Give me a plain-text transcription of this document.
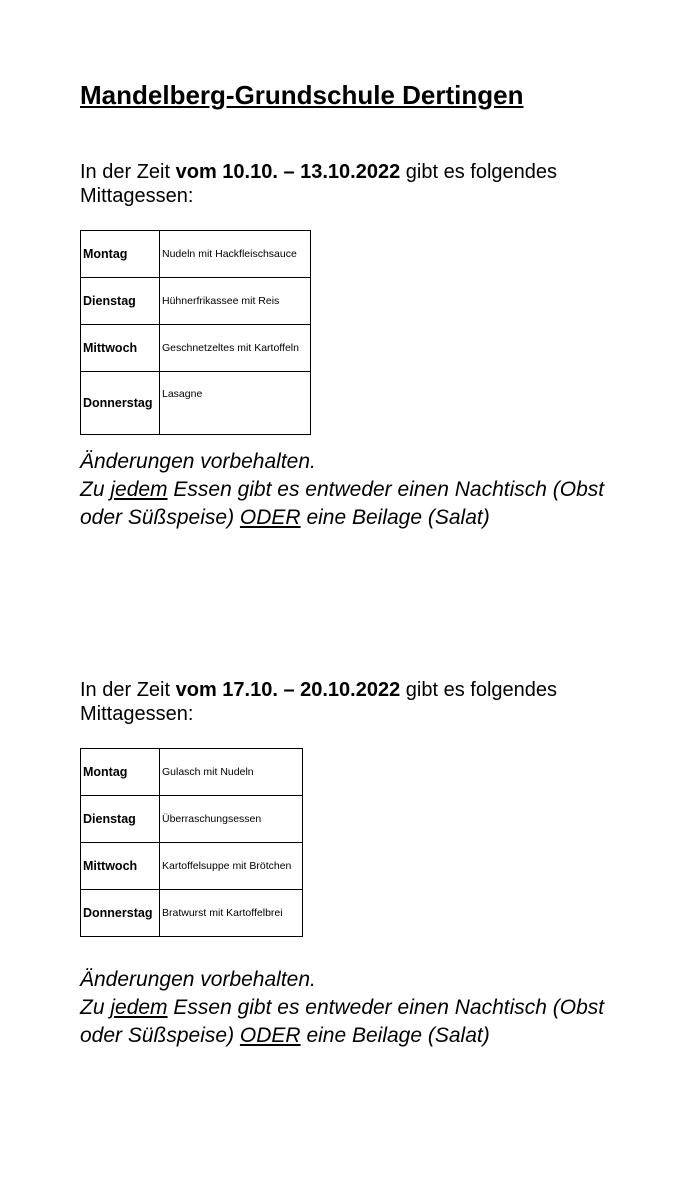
Mandelberg-Grundschule Dertingen

In der Zeit vom 10.10. – 13.10.2022 gibt es folgendes Mittagessen:

Montag	Nudeln mit Hackfleischsauce
Dienstag	Hühnerfrikassee mit Reis
Mittwoch	Geschnetzeltes mit Kartoffeln
Donnerstag	Lasagne
Änderungen vorbehalten.
Zu jedem Essen gibt es entweder einen Nachtisch (Obst oder Süßspeise) ODER eine Beilage (Salat)

In der Zeit vom 17.10. – 20.10.2022 gibt es folgendes Mittagessen:

Montag	Gulasch mit Nudeln
Dienstag	Überraschungsessen
Mittwoch	Kartoffelsuppe mit Brötchen
Donnerstag	Bratwurst mit Kartoffelbrei
Änderungen vorbehalten.
Zu jedem Essen gibt es entweder einen Nachtisch (Obst oder Süßspeise) ODER eine Beilage (Salat)
